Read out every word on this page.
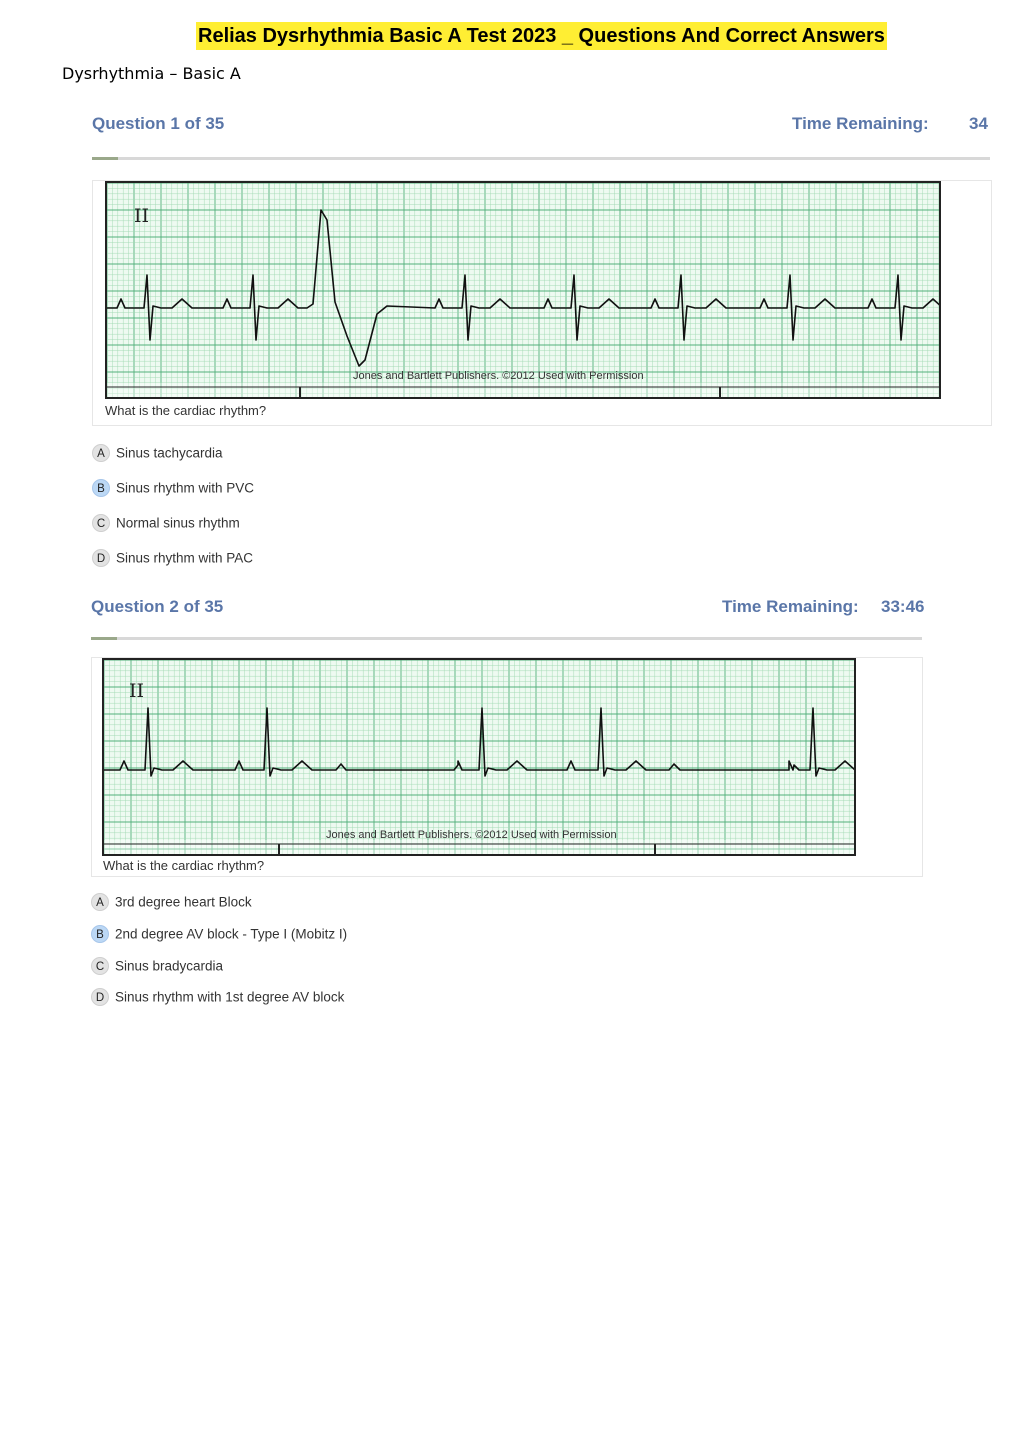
Relias Dysrhythmia Basic A Test 2023 _ Questions And Correct Answers
Dysrhythmia – Basic A
Question 1 of 35	Time Remaining: 34
II
Jones and Bartlett Publishers. ©2012 Used with Permission
What is the cardiac rhythm?
A Sinus tachycardia
B Sinus rhythm with PVC
C Normal sinus rhythm
D Sinus rhythm with PAC
Question 2 of 35	Time Remaining: 33:46
II
Jones and Bartlett Publishers. ©2012 Used with Permission
What is the cardiac rhythm?
A 3rd degree heart Block
B 2nd degree AV block - Type I (Mobitz I)
C Sinus bradycardia
D Sinus rhythm with 1st degree AV block
